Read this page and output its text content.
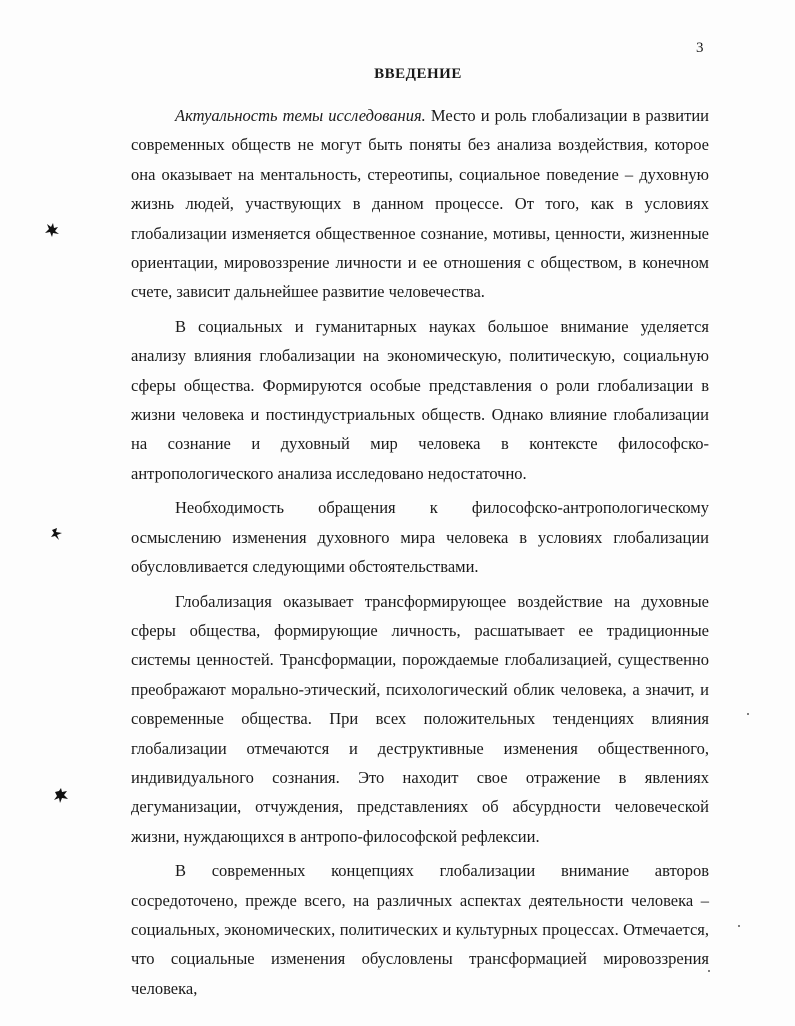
3
ВВЕДЕНИЕ

Актуальность темы исследования. Место и роль глобализации в развитии современных обществ не могут быть поняты без анализа воздействия, которое она оказывает на ментальность, стереотипы, социальное поведение – духовную жизнь людей, участвующих в данном процессе. От того, как в условиях глобализации изменяется общественное сознание, мотивы, ценности, жизненные ориентации, мировоззрение личности и ее отношения с обществом, в конечном счете, зависит дальнейшее развитие человечества.

В социальных и гуманитарных науках большое внимание уделяется анализу влияния глобализации на экономическую, политическую, социальную сферы общества. Формируются особые представления о роли глобализации в жизни человека и постиндустриальных обществ. Однако влияние глобализации на сознание и духовный мир человека в контексте философско-антропологического анализа исследовано недостаточно.

Необходимость обращения к философско-антропологическому осмыслению изменения духовного мира человека в условиях глобализации обусловливается следующими обстоятельствами.

Глобализация оказывает трансформирующее воздействие на духовные сферы общества, формирующие личность, расшатывает ее традиционные системы ценностей. Трансформации, порождаемые глобализацией, существенно преображают морально-этический, психологический облик человека, а значит, и современные общества. При всех положительных тенденциях влияния глобализации отмечаются и деструктивные изменения общественного, индивидуального сознания. Это находит свое отражение в явлениях дегуманизации, отчуждения, представлениях об абсурдности человеческой жизни, нуждающихся в антропо-философской рефлексии.

В современных концепциях глобализации внимание авторов сосредоточено, прежде всего, на различных аспектах деятельности человека – социальных, экономических, политических и культурных процессах. Отмечается, что социальные изменения обусловлены трансформацией мировоззрения человека,
